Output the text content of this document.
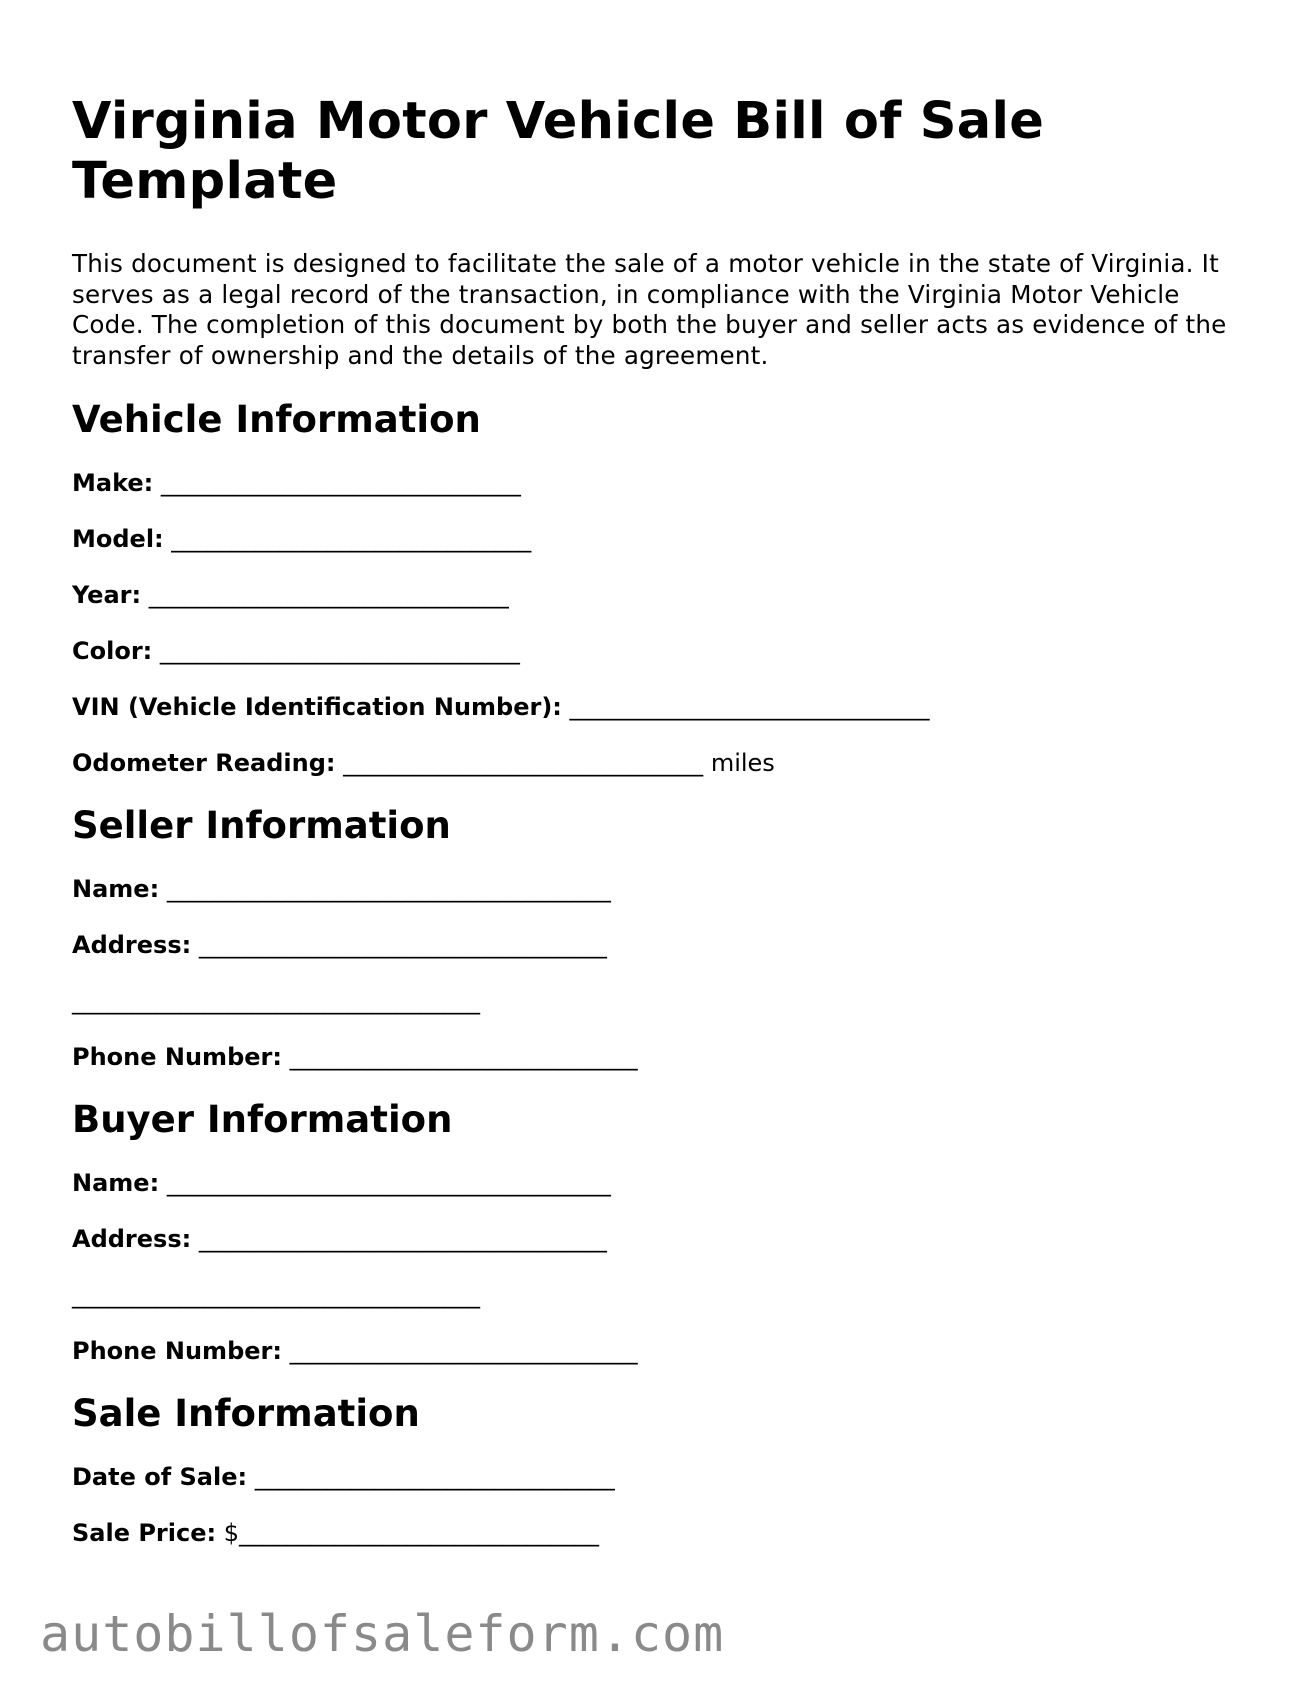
Virginia Motor Vehicle Bill of Sale Template

This document is designed to facilitate the sale of a motor vehicle in the state of Virginia. It serves as a legal record of the transaction, in compliance with the Virginia Motor Vehicle Code. The completion of this document by both the buyer and seller acts as evidence of the transfer of ownership and the details of the agreement.

Vehicle Information
Make: ______________________________
Model: ______________________________
Year: ______________________________
Color: ______________________________
VIN (Vehicle Identification Number): ______________________________
Odometer Reading: ______________________________ miles
Seller Information
Name: _____________________________________
Address: __________________________________
__________________________________
Phone Number: _____________________________
Buyer Information
Name: _____________________________________
Address: __________________________________
__________________________________
Phone Number: _____________________________
Sale Information
Date of Sale: ______________________________
Sale Price: $______________________________
autobillofsaleform.com
